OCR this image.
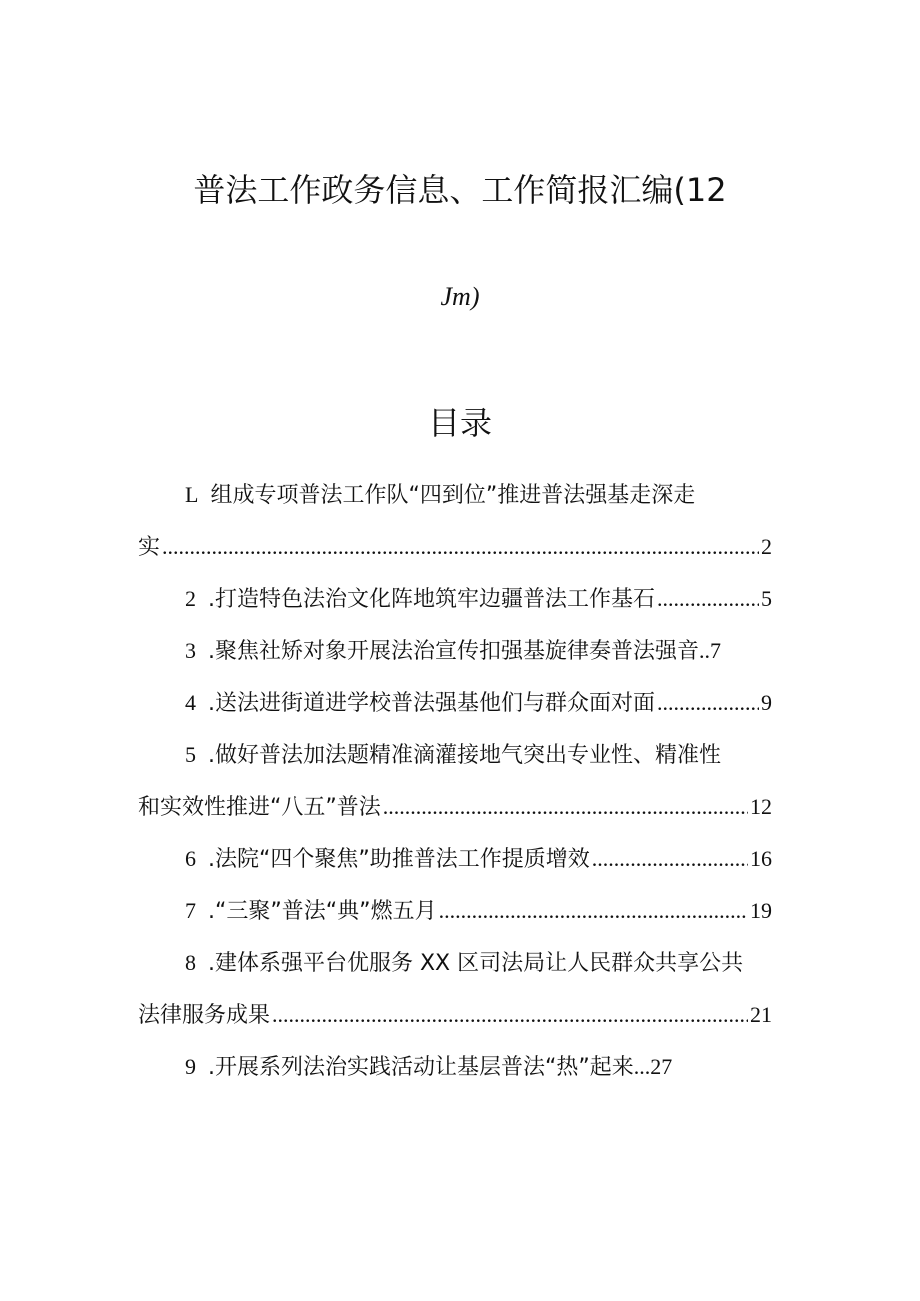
普法工作政务信息、工作简报汇编(12
Jm)
目录
L 组成专项普法工作队“四到位”推进普法强基走深走
实 .....	2
2 .打造特色法治文化阵地筑牢边疆普法工作基石 .....	5
3 .聚焦社矫对象开展法治宣传扣强基旋律奏普法强音 .. 7
4 .送法进街道进学校普法强基他们与群众面对面 .....	9
5 .做好普法加法题精准滴灌接地气突出专业性、精准性
和实效性推进“八五”普法 .....	12
6 .法院“四个聚焦”助推普法工作提质增效 .....	16
7 .“三聚”普法“典”燃五月 .....	19
8 .建体系强平台优服务 XX 区司法局让人民群众共享公共
法律服务成果 .....	21
9 .开展系列法治实践活动让基层普法“热”起来 ... 27
